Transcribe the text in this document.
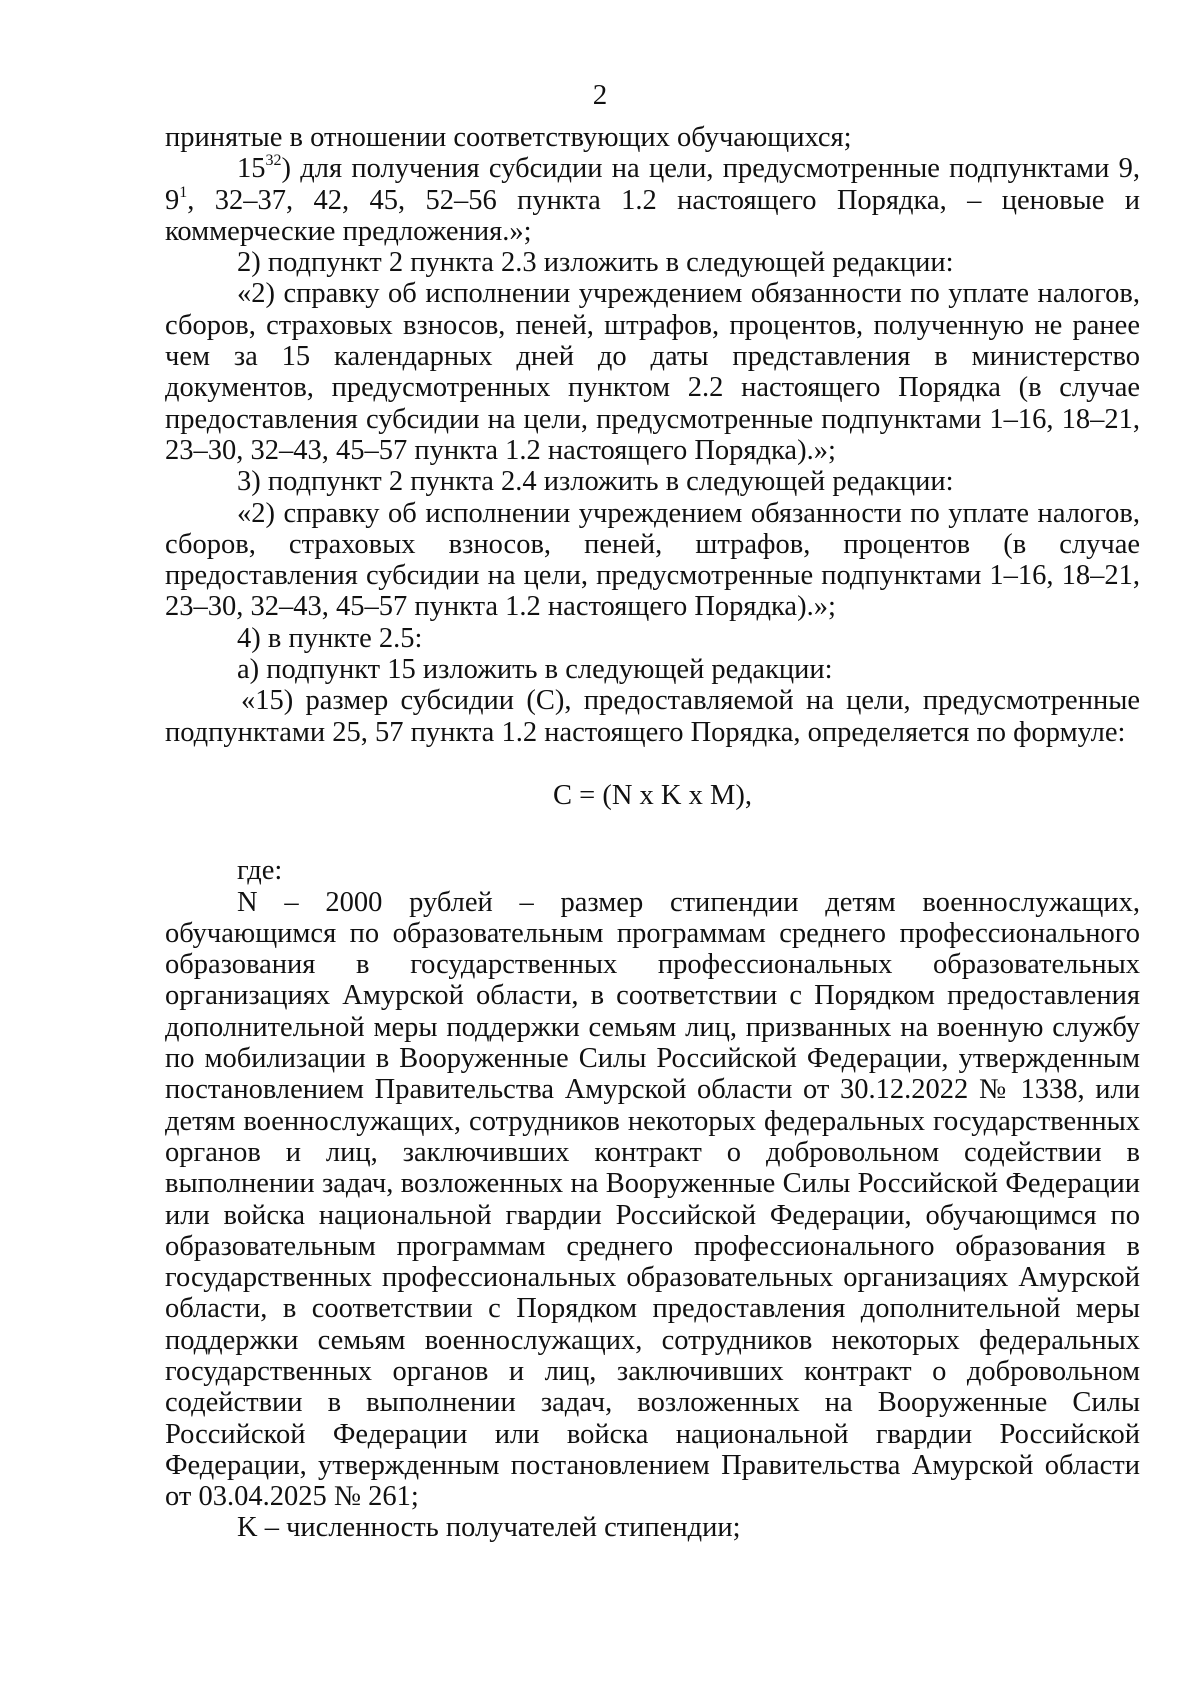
2

принятые в отношении соответствующих обучающихся;

$15^{32}$) для получения субсидии на цели, предусмотренные подпунктами 9, $9^1$, 32–37, 42, 45, 52–56 пункта 1.2 настоящего Порядка, – ценовые и коммерческие предложения.»;

2) подпункт 2 пункта 2.3 изложить в следующей редакции:

«2) справку об исполнении учреждением обязанности по уплате налогов, сборов, страховых взносов, пеней, штрафов, процентов, полученную не ранее чем за 15 календарных дней до даты представления в министерство документов, предусмотренных пунктом 2.2 настоящего Порядка (в случае предоставления субсидии на цели, предусмотренные подпунктами 1–16, 18–21, 23–30, 32–43, 45–57 пункта 1.2 настоящего Порядка).»;

3) подпункт 2 пункта 2.4 изложить в следующей редакции:

«2) справку об исполнении учреждением обязанности по уплате налогов, сборов, страховых взносов, пеней, штрафов, процентов (в случае предоставления субсидии на цели, предусмотренные подпунктами 1–16, 18–21, 23–30, 32–43, 45–57 пункта 1.2 настоящего Порядка).»;

4) в пункте 2.5:

а) подпункт 15 изложить в следующей редакции:

«15) размер субсидии (С), предоставляемой на цели, предусмотренные подпунктами 25, 57 пункта 1.2 настоящего Порядка, определяется по формуле:

С = (N x K x M),

где:

N – 2000 рублей – размер стипендии детям военнослужащих, обучающимся по образовательным программам среднего профессионального образования в государственных профессиональных образовательных организациях Амурской области, в соответствии с Порядком предоставления дополнительной меры поддержки семьям лиц, призванных на военную службу по мобилизации в Вооруженные Силы Российской Федерации, утвержденным постановлением Правительства Амурской области от 30.12.2022 № 1338, или детям военнослужащих, сотрудников некоторых федеральных государственных органов и лиц, заключивших контракт о добровольном содействии в выполнении задач, возложенных на Вооруженные Силы Российской Федерации или войска национальной гвардии Российской Федерации, обучающимся по образовательным программам среднего профессионального образования в государственных профессиональных образовательных организациях Амурской области, в соответствии с Порядком предоставления дополнительной меры поддержки семьям военнослужащих, сотрудников некоторых федеральных государственных органов и лиц, заключивших контракт о добровольном содействии в выполнении задач, возложенных на Вооруженные Силы Российской Федерации или войска национальной гвардии Российской Федерации, утвержденным постановлением Правительства Амурской области от 03.04.2025 № 261;

K – численность получателей стипендии;
